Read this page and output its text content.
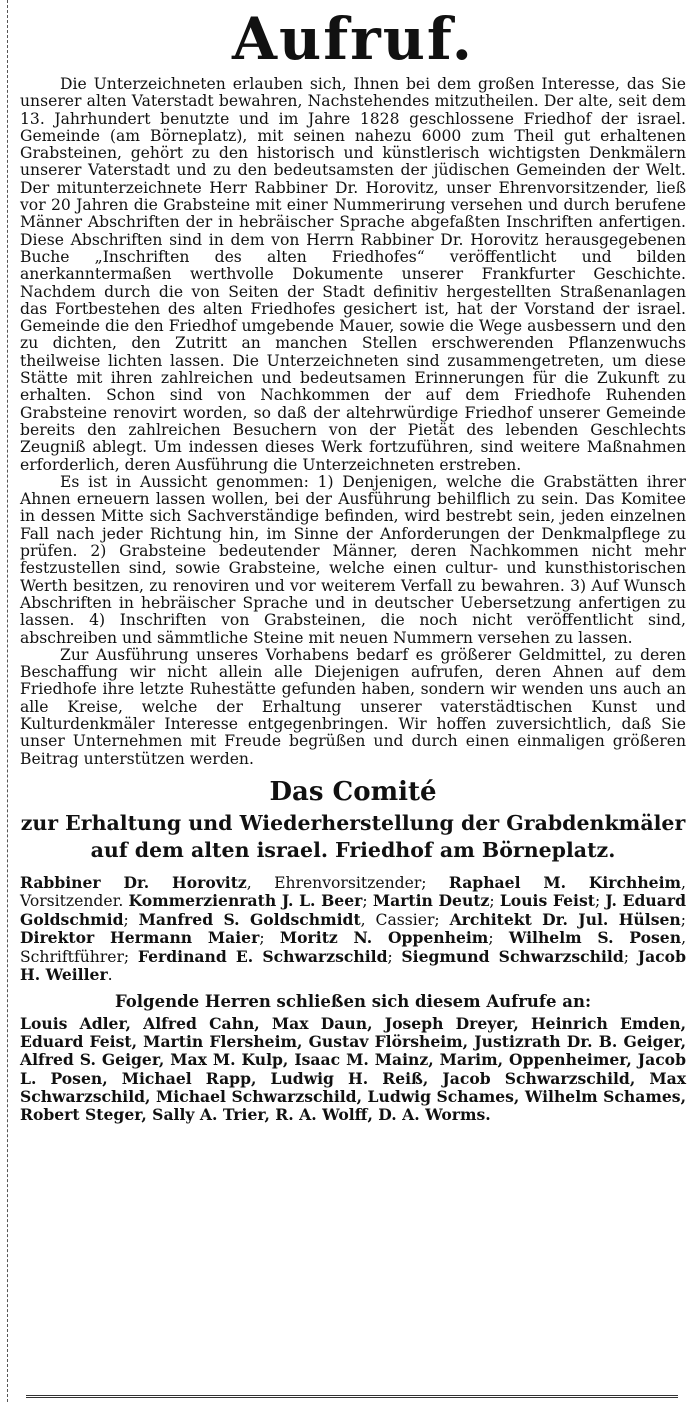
Aufruf.

Die Unterzeichneten erlauben sich, Ihnen bei dem großen Interesse, das Sie unserer alten Vaterstadt bewahren, Nachstehendes mitzutheilen. Der alte, seit dem 13. Jahrhundert benutzte und im Jahre 1828 geschlossene Friedhof der israel. Gemeinde (am Börneplatz), mit seinen nahezu 6000 zum Theil gut erhaltenen Grabsteinen, gehört zu den historisch und künstlerisch wichtigsten Denkmälern unserer Vaterstadt und zu den bedeutsamsten der jüdischen Gemeinden der Welt. Der mitunterzeichnete Herr Rabbiner Dr. Horovitz, unser Ehrenvorsitzender, ließ vor 20 Jahren die Grabsteine mit einer Nummerirung versehen und durch berufene Männer Abschriften der in hebräischer Sprache abgefaßten Inschriften anfertigen. Diese Abschriften sind in dem von Herrn Rabbiner Dr. Horovitz herausgegebenen Buche „Inschriften des alten Friedhofes“ veröffentlicht und bilden anerkanntermaßen werthvolle Dokumente unserer Frankfurter Geschichte. Nachdem durch die von Seiten der Stadt definitiv hergestellten Straßenanlagen das Fortbestehen des alten Friedhofes gesichert ist, hat der Vorstand der israel. Gemeinde die den Friedhof umgebende Mauer, sowie die Wege ausbessern und den zu dichten, den Zutritt an manchen Stellen erschwerenden Pflanzenwuchs theilweise lichten lassen. Die Unterzeichneten sind zusammengetreten, um diese Stätte mit ihren zahlreichen und bedeutsamen Erinnerungen für die Zukunft zu erhalten. Schon sind von Nachkommen der auf dem Friedhofe Ruhenden Grabsteine renovirt worden, so daß der altehrwürdige Friedhof unserer Gemeinde bereits den zahlreichen Besuchern von der Pietät des lebenden Geschlechts Zeugniß ablegt. Um indessen dieses Werk fortzuführen, sind weitere Maßnahmen erforderlich, deren Ausführung die Unterzeichneten erstreben.

Es ist in Aussicht genommen: 1) Denjenigen, welche die Grabstätten ihrer Ahnen erneuern lassen wollen, bei der Ausführung behilflich zu sein. Das Komitee in dessen Mitte sich Sachverständige befinden, wird bestrebt sein, jeden einzelnen Fall nach jeder Richtung hin, im Sinne der Anforderungen der Denkmalpflege zu prüfen. 2) Grabsteine bedeutender Männer, deren Nachkommen nicht mehr festzustellen sind, sowie Grabsteine, welche einen cultur- und kunsthistorischen Werth besitzen, zu renoviren und vor weiterem Verfall zu bewahren. 3) Auf Wunsch Abschriften in hebräischer Sprache und in deutscher Uebersetzung anfertigen zu lassen. 4) Inschriften von Grabsteinen, die noch nicht veröffentlicht sind, abschreiben und sämmtliche Steine mit neuen Nummern versehen zu lassen.

Zur Ausführung unseres Vorhabens bedarf es größerer Geldmittel, zu deren Beschaffung wir nicht allein alle Diejenigen aufrufen, deren Ahnen auf dem Friedhofe ihre letzte Ruhestätte gefunden haben, sondern wir wenden uns auch an alle Kreise, welche der Erhaltung unserer vaterstädtischen Kunst und Kulturdenkmäler Interesse entgegenbringen. Wir hoffen zuversichtlich, daß Sie unser Unternehmen mit Freude begrüßen und durch einen einmaligen größeren Beitrag unterstützen werden.

Das Comité
zur Erhaltung und Wiederherstellung der Grabdenkmäler auf dem alten israel. Friedhof am Börneplatz.

Rabbiner Dr. Horovitz, Ehrenvorsitzender; Raphael M. Kirchheim, Vorsitzender. Kommerzienrath J. L. Beer; Martin Deutz; Louis Feist; J. Eduard Goldschmid; Manfred S. Goldschmidt, Cassier; Architekt Dr. Jul. Hülsen; Direktor Hermann Maier; Moritz N. Oppenheim; Wilhelm S. Posen, Schriftführer; Ferdinand E. Schwarzschild; Siegmund Schwarzschild; Jacob H. Weiller.

Folgende Herren schließen sich diesem Aufrufe an:

Louis Adler, Alfred Cahn, Max Daun, Joseph Dreyer, Heinrich Emden, Eduard Feist, Martin Flersheim, Gustav Flörsheim, Justizrath Dr. B. Geiger, Alfred S. Geiger, Max M. Kulp, Isaac M. Mainz, Marim, Oppenheimer, Jacob L. Posen, Michael Rapp, Ludwig H. Reiß, Jacob Schwarzschild, Max Schwarzschild, Michael Schwarzschild, Ludwig Schames, Wilhelm Schames, Robert Steger, Sally A. Trier, R. A. Wolff, D. A. Worms.
